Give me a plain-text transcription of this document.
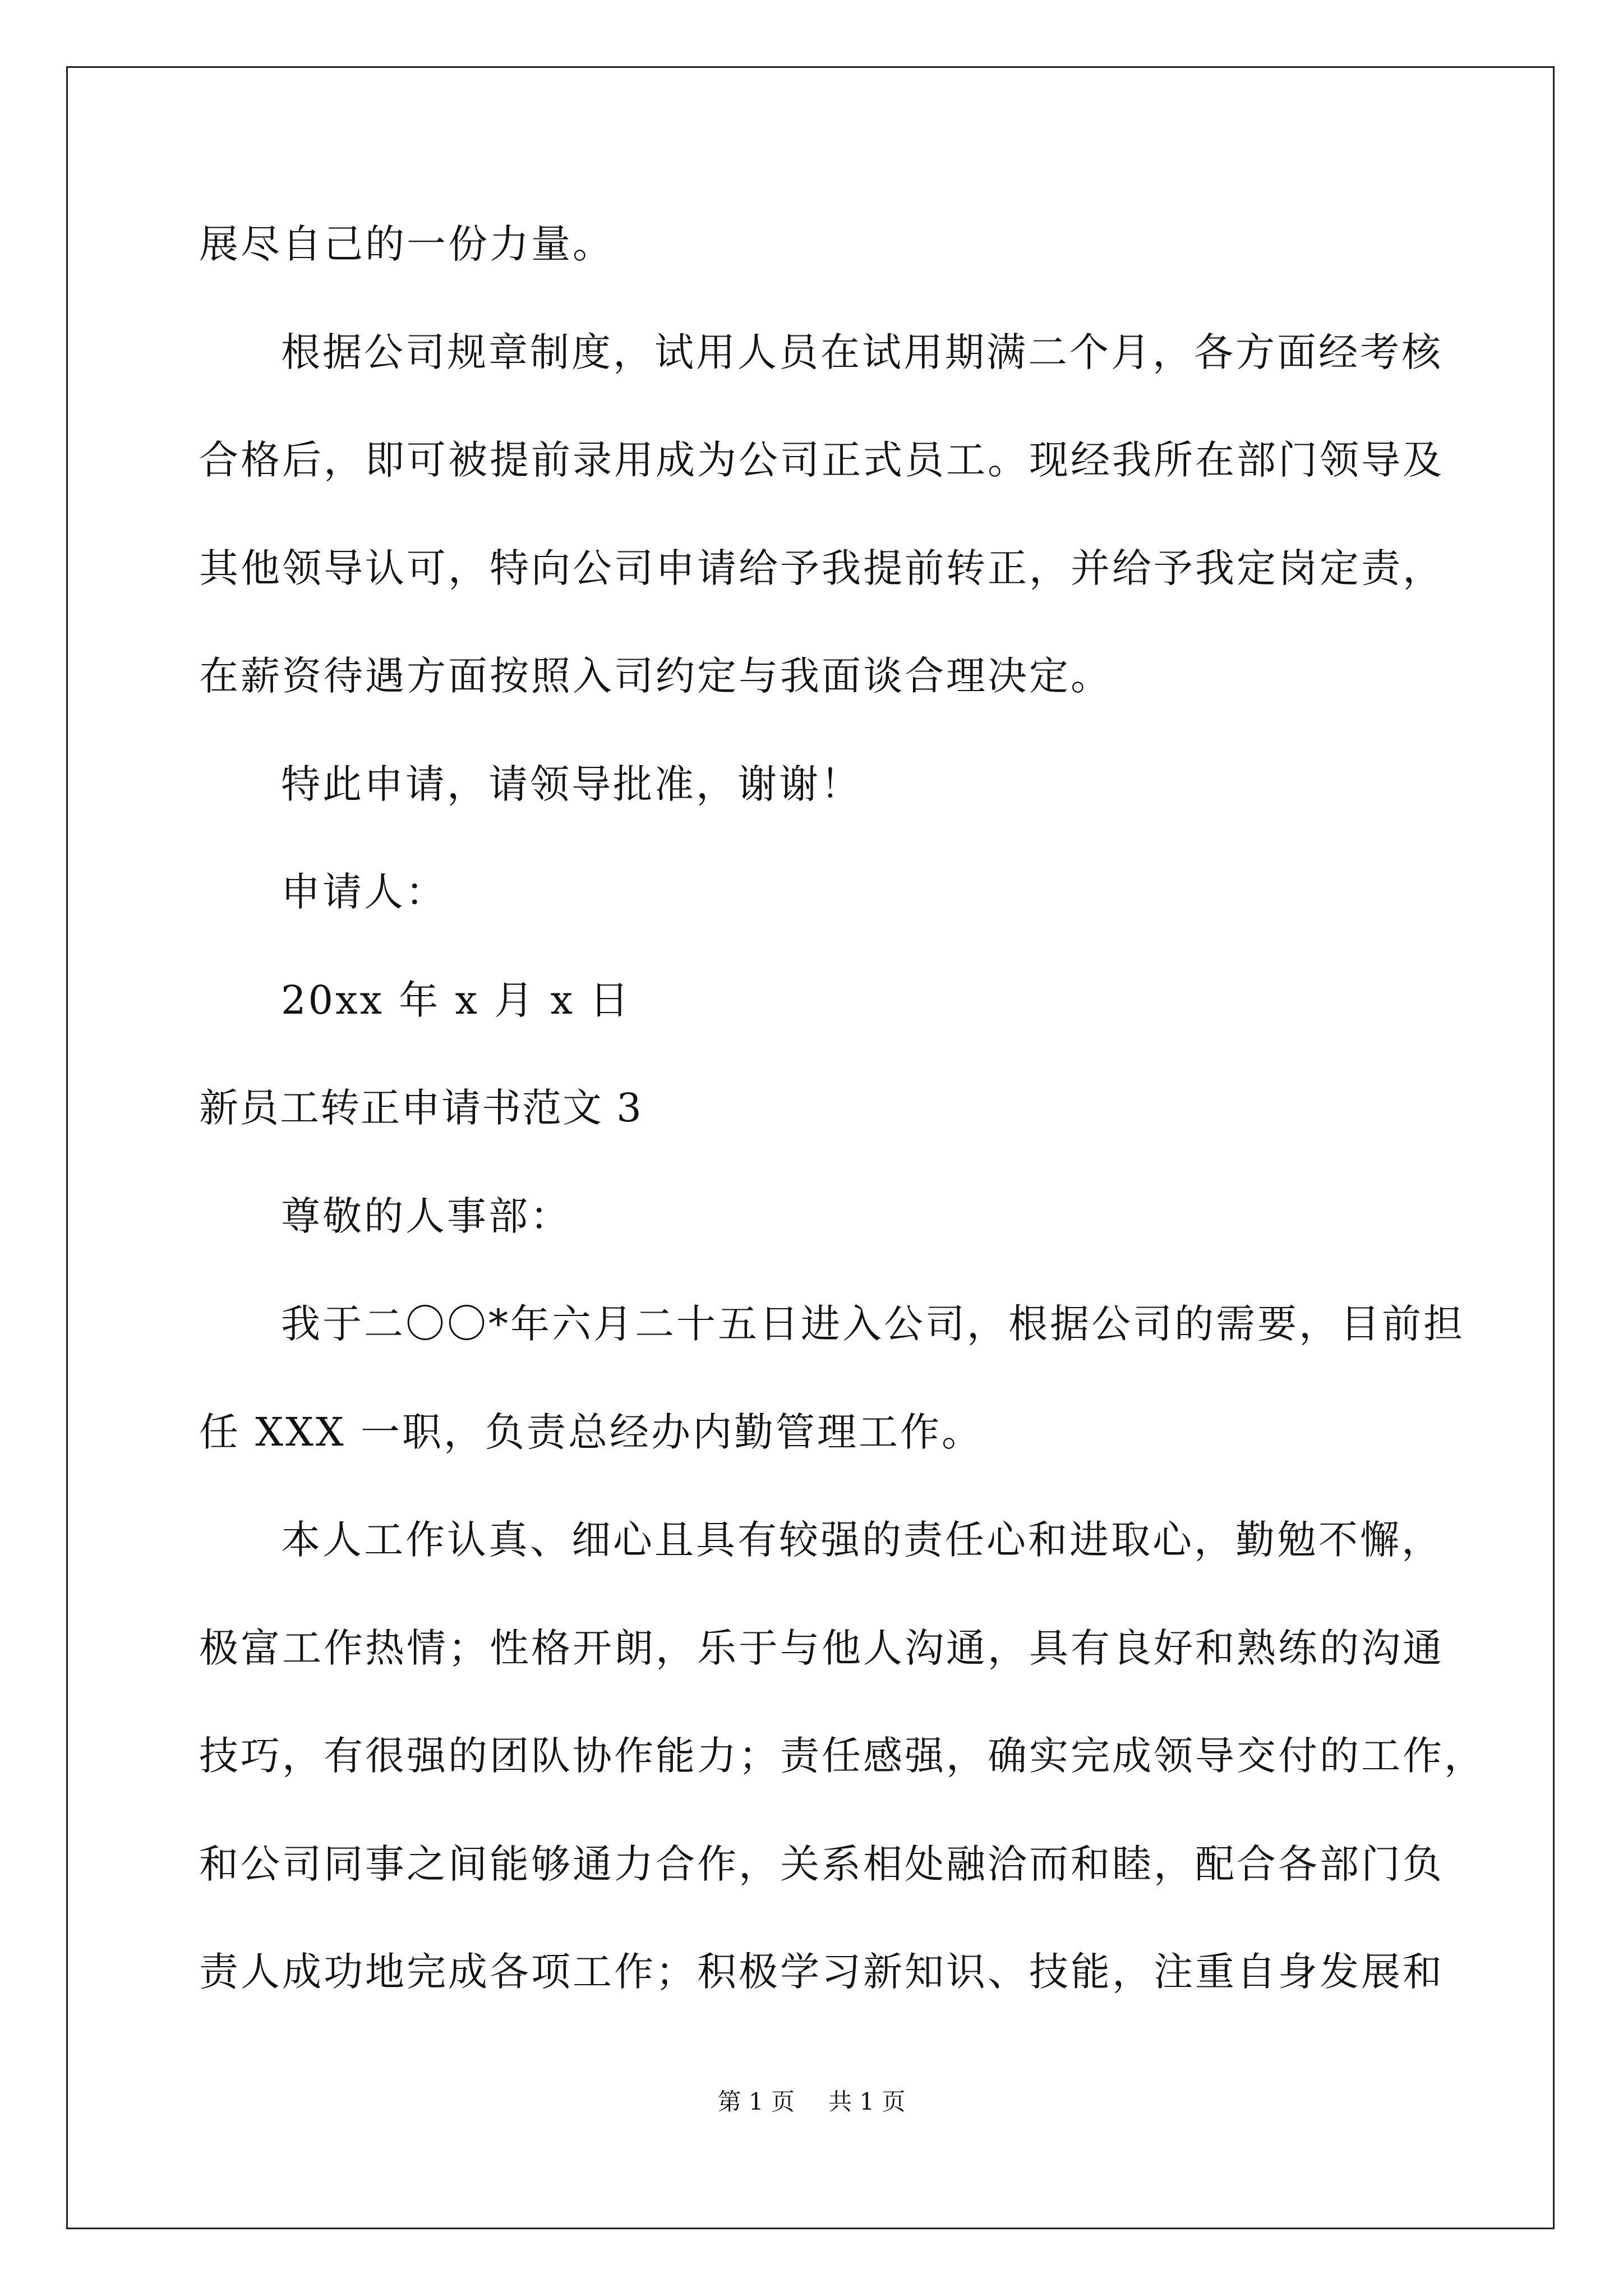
展尽自己的一份力量。
根据公司规章制度，试用人员在试用期满二个月，各方面经考核
合格后，即可被提前录用成为公司正式员工。现经我所在部门领导及
其他领导认可，特向公司申请给予我提前转正，并给予我定岗定责，
在薪资待遇方面按照入司约定与我面谈合理决定。
特此申请，请领导批准，谢谢！
申请人：
20xx 年 x 月 x 日
新员工转正申请书范文 3
尊敬的人事部：
我于二〇〇*年六月二十五日进入公司，根据公司的需要，目前担
任 XXX 一职，负责总经办内勤管理工作。
本人工作认真、细心且具有较强的责任心和进取心，勤勉不懈，
极富工作热情；性格开朗，乐于与他人沟通，具有良好和熟练的沟通
技巧，有很强的团队协作能力；责任感强，确实完成领导交付的工作，
和公司同事之间能够通力合作，关系相处融洽而和睦，配合各部门负
责人成功地完成各项工作；积极学习新知识、技能，注重自身发展和
第 1 页 共 1 页
